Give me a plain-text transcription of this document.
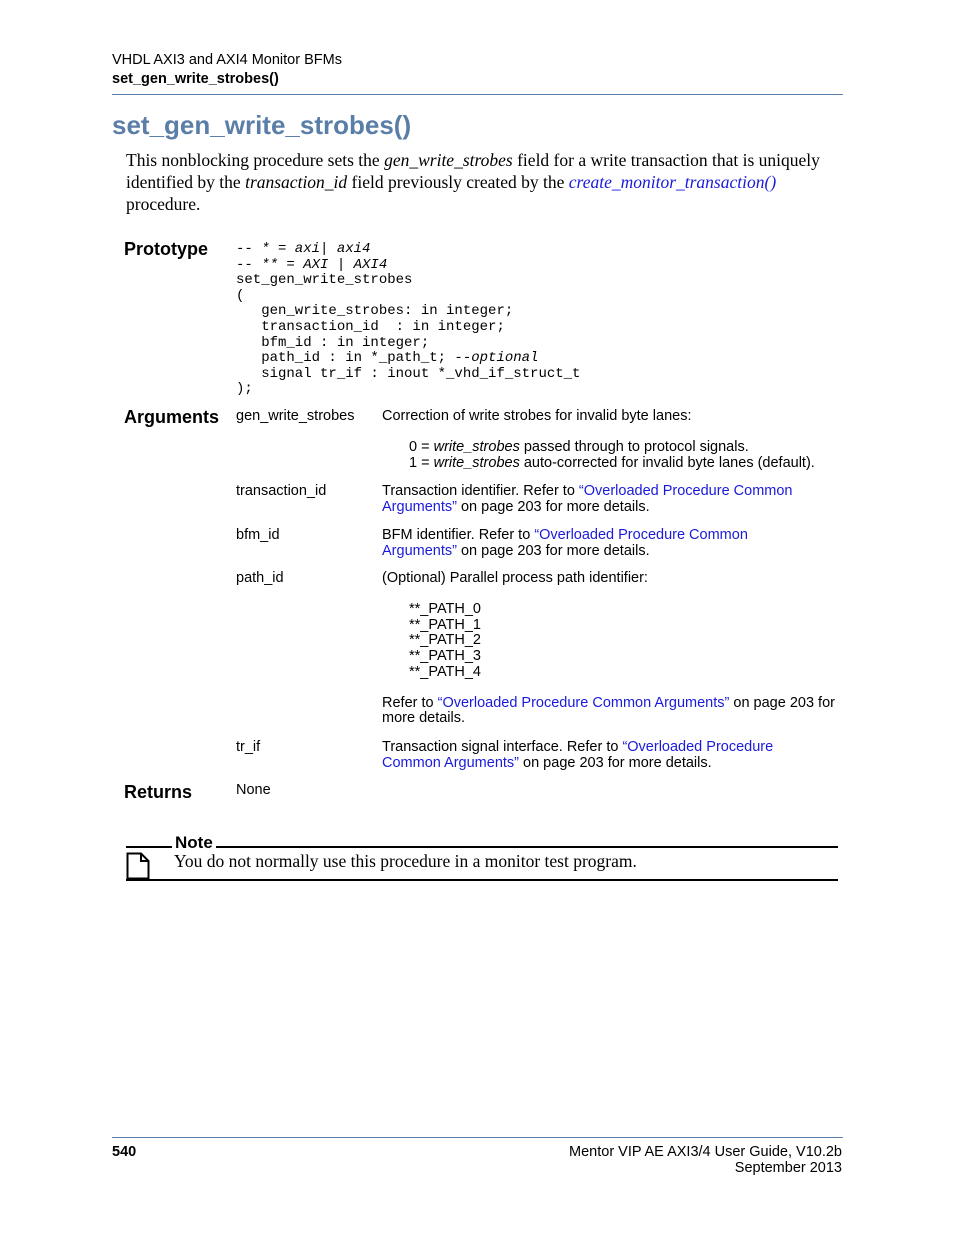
VHDL AXI3 and AXI4 Monitor BFMs
set_gen_write_strobes()
set_gen_write_strobes()
This nonblocking procedure sets the gen_write_strobes field for a write transaction that is uniquely identified by the transaction_id field previously created by the create_monitor_transaction() procedure.
Prototype -- * = axi| axi4
-- ** = AXI | AXI4
set_gen_write_strobes
(
gen_write_strobes: in integer;
transaction_id  : in integer;
bfm_id : in integer;
path_id : in *_path_t; --optional
signal tr_if : inout *_vhd_if_struct_t
);
Arguments gen_write_strobes Correction of write strobes for invalid byte lanes:

0 = write_strobes passed through to protocol signals.

1 = write_strobes auto-corrected for invalid byte lanes (default).

transaction_id	Transaction identifier. Refer to “Overloaded Procedure Common Arguments” on page 203 for more details.

bfm_id	BFM identifier. Refer to “Overloaded Procedure Common Arguments” on page 203 for more details.

path_id	(Optional) Parallel process path identifier:

**_PATH_0

**_PATH_1

**_PATH_2

**_PATH_3

**_PATH_4

Refer to “Overloaded Procedure Common Arguments” on page 203 for more details.

tr_if	Transaction signal interface. Refer to “Overloaded Procedure Common Arguments” on page 203 for more details.

Returns	None
Note
You do not normally use this procedure in a monitor test program.
540	Mentor VIP AE AXI3/4 User Guide, V10.2b
September 2013
